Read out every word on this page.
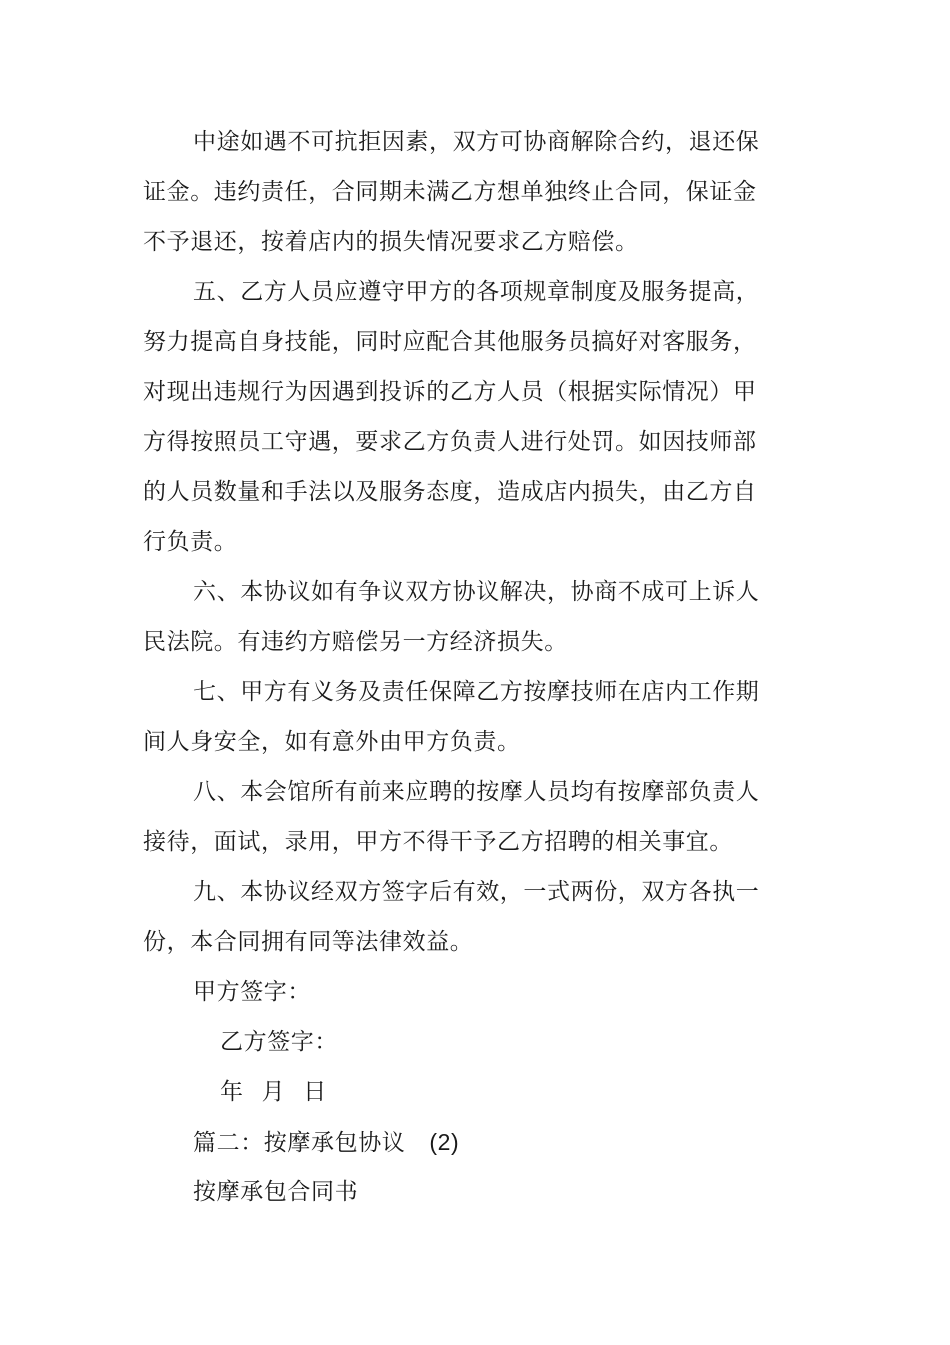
中途如遇不可抗拒因素，双方可协商解除合约，退还保
证金。违约责任，合同期未满乙方想单独终止合同，保证金
不予退还，按着店内的损失情况要求乙方赔偿。
五、乙方人员应遵守甲方的各项规章制度及服务提高，
努力提高自身技能，同时应配合其他服务员搞好对客服务，
对现出违规行为因遇到投诉的乙方人员（根据实际情况）甲
方得按照员工守遇，要求乙方负责人进行处罚。如因技师部
的人员数量和手法以及服务态度，造成店内损失，由乙方自
行负责。
六、本协议如有争议双方协议解决，协商不成可上诉人
民法院。有违约方赔偿另一方经济损失。
七、甲方有义务及责任保障乙方按摩技师在店内工作期
间人身安全，如有意外由甲方负责。
八、本会馆所有前来应聘的按摩人员均有按摩部负责人
接待，面试，录用，甲方不得干予乙方招聘的相关事宜。
九、本协议经双方签字后有效，一式两份，双方各执一
份，本合同拥有同等法律效益。
甲方签字：
乙方签字：
年 月 日
篇二：按摩承包协议 (2)
按摩承包合同书
